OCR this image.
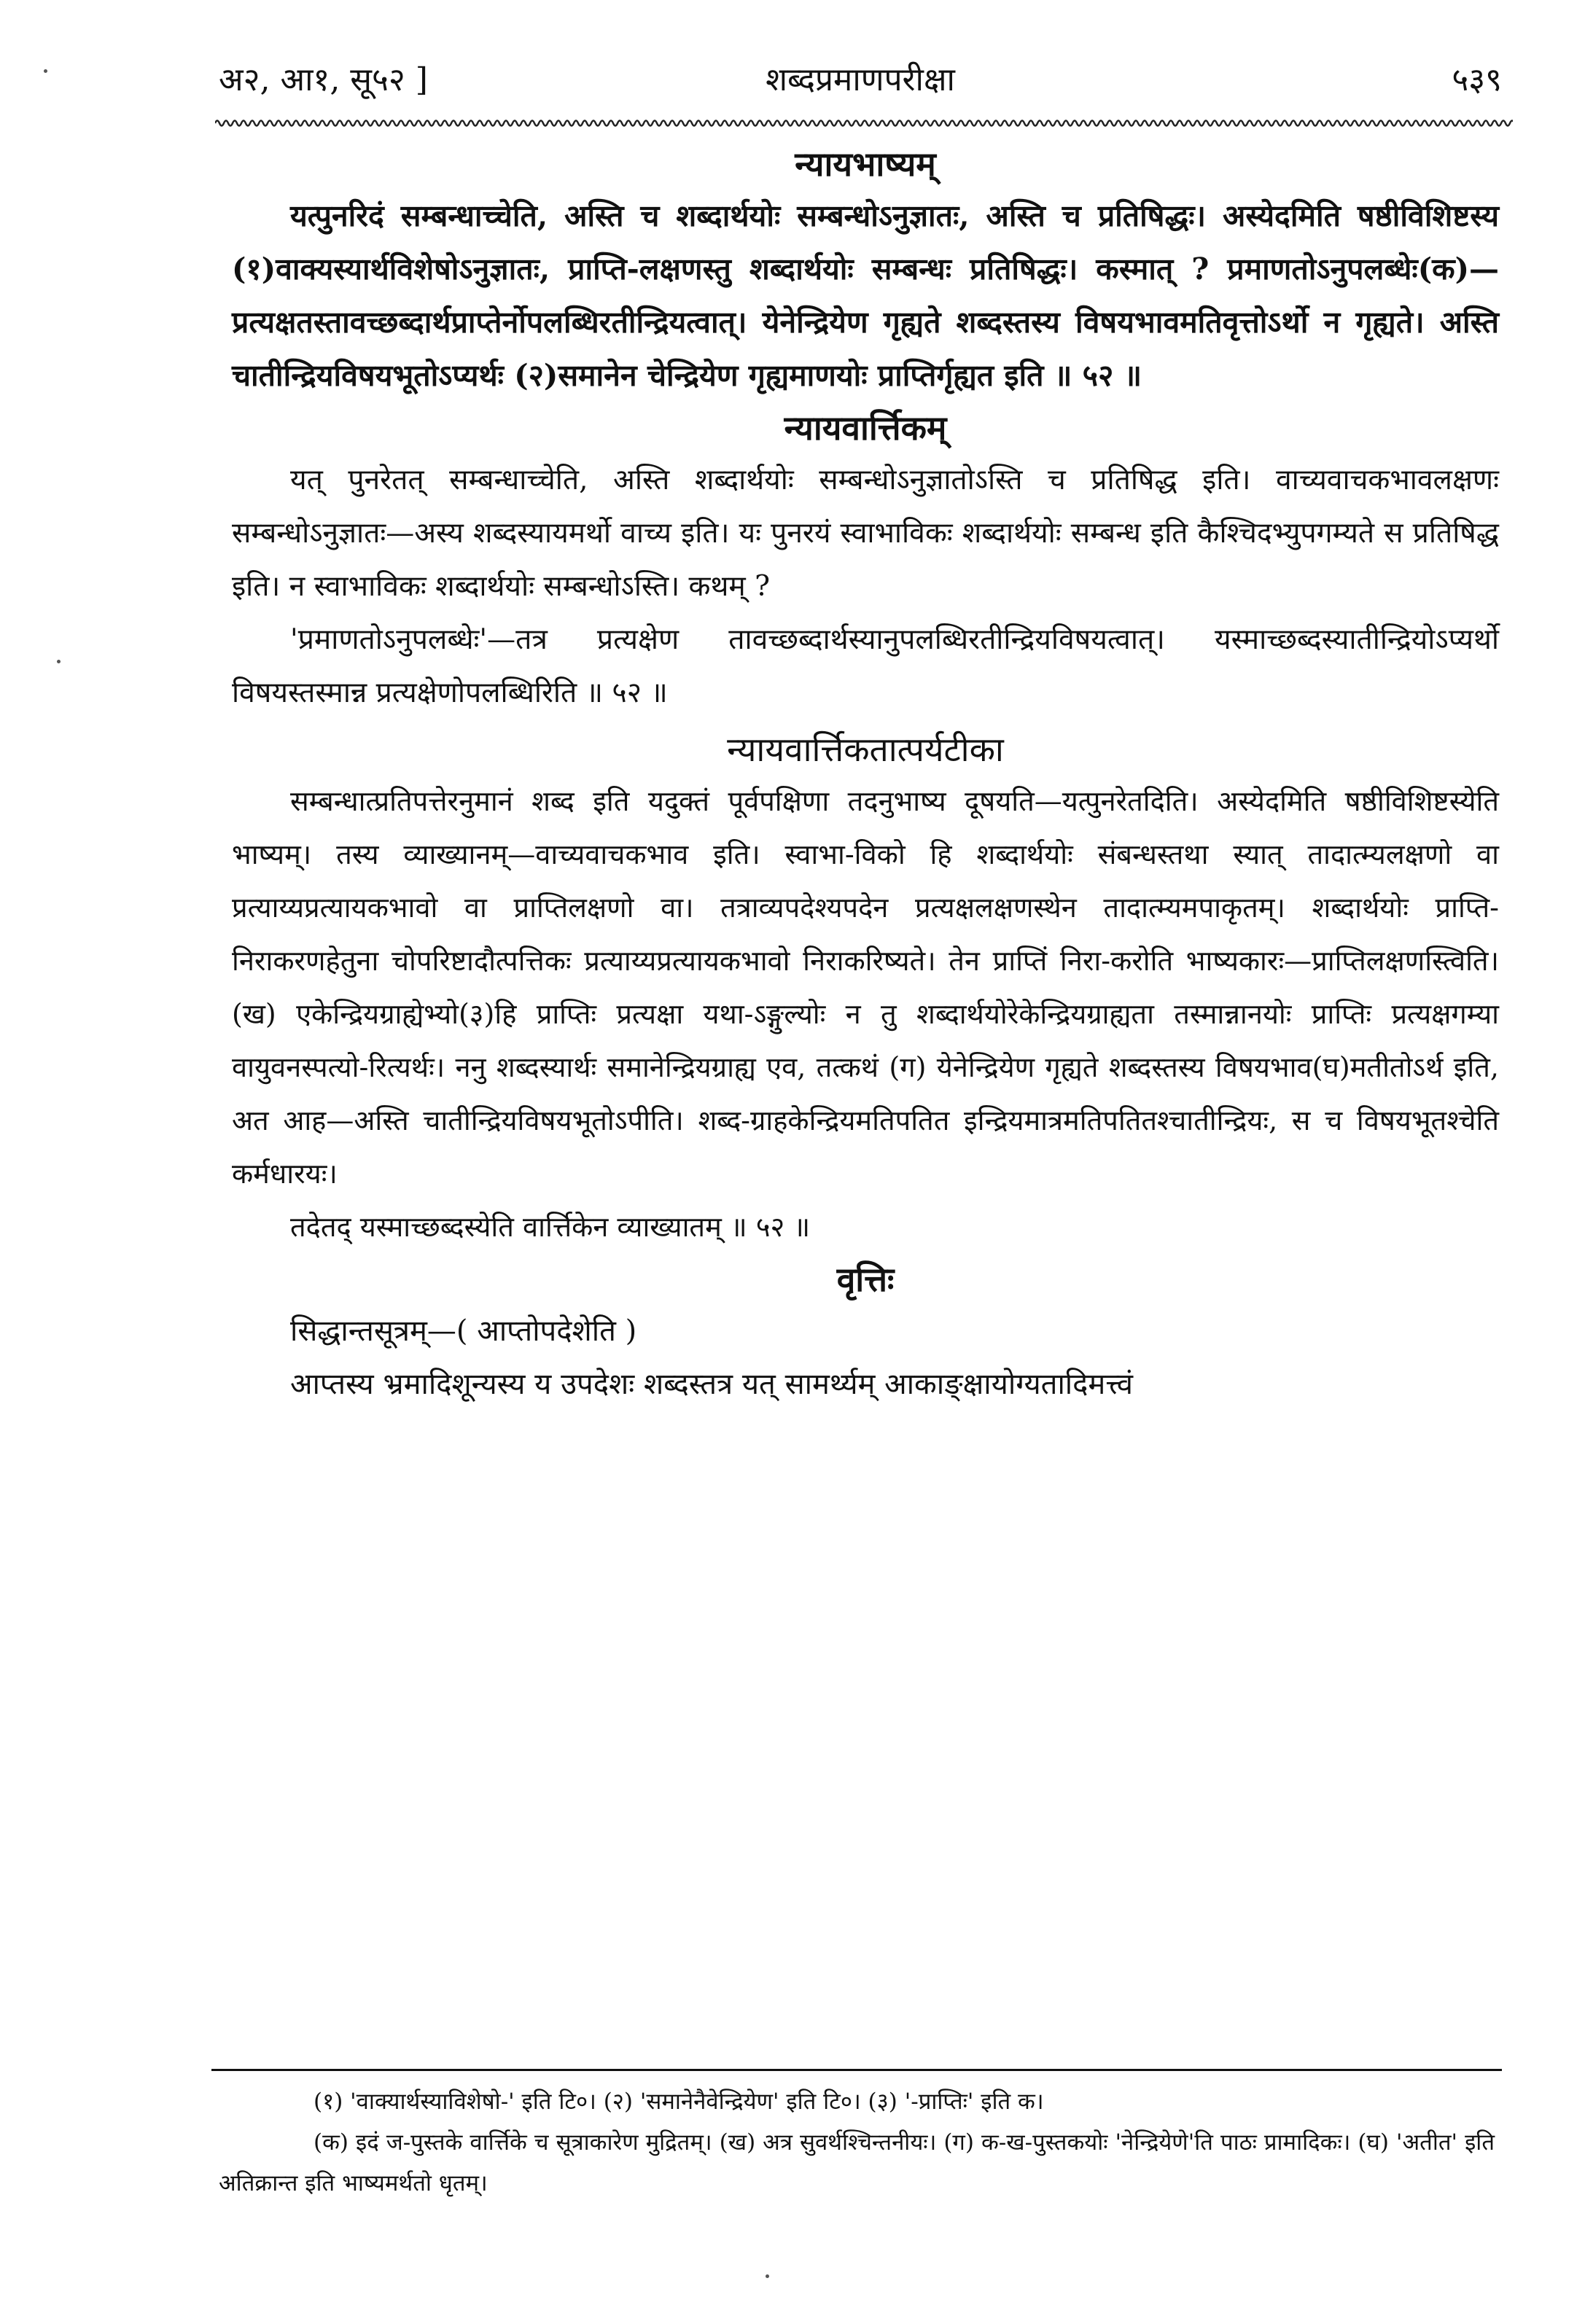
अ२, आ१, सू५२ ]	शब्दप्रमाणपरीक्षा	५३९

न्यायभाष्यम्

यत्पुनरिदं सम्बन्धाच्चेति, अस्ति च शब्दार्थयोः सम्बन्धोऽनुज्ञातः, अस्ति च प्रतिषिद्धः। अस्येदमिति षष्ठीविशिष्टस्य (१)वाक्यस्यार्थविशेषोऽनुज्ञातः, प्राप्ति-लक्षणस्तु शब्दार्थयोः सम्बन्धः प्रतिषिद्धः। कस्मात् ? प्रमाणतोऽनुपलब्धेः(क)— प्रत्यक्षतस्तावच्छब्दार्थप्राप्तेर्नोपलब्धिरतीन्द्रियत्वात्। येनेन्द्रियेण गृह्यते शब्दस्तस्य विषयभावमतिवृत्तोऽर्थो न गृह्यते। अस्ति चातीन्द्रियविषयभूतोऽप्यर्थः (२)समानेन चेन्द्रियेण गृह्यमाणयोः प्राप्तिर्गृह्यत इति ॥ ५२ ॥

न्यायवार्त्तिकम्

यत् पुनरेतत् सम्बन्धाच्चेति, अस्ति शब्दार्थयोः सम्बन्धोऽनुज्ञातोऽस्ति च प्रतिषिद्ध इति। वाच्यवाचकभावलक्षणः सम्बन्धोऽनुज्ञातः—अस्य शब्दस्यायमर्थो वाच्य इति। यः पुनरयं स्वाभाविकः शब्दार्थयोः सम्बन्ध इति कैश्चिदभ्युपगम्यते स प्रतिषिद्ध इति। न स्वाभाविकः शब्दार्थयोः सम्बन्धोऽस्ति। कथम् ?

'प्रमाणतोऽनुपलब्धेः'—तत्र प्रत्यक्षेण तावच्छब्दार्थस्यानुपलब्धिरतीन्द्रियविषयत्वात्। यस्माच्छब्दस्यातीन्द्रियोऽप्यर्थो विषयस्तस्मान्न प्रत्यक्षेणोपलब्धिरिति ॥ ५२ ॥

न्यायवार्त्तिकतात्पर्यटीका

सम्बन्धात्प्रतिपत्तेरनुमानं शब्द इति यदुक्तं पूर्वपक्षिणा तदनुभाष्य दूषयति—यत्पुनरेतदिति। अस्येदमिति षष्ठीविशिष्टस्येति भाष्यम्। तस्य व्याख्यानम्—वाच्यवाचकभाव इति। स्वाभा-विको हि शब्दार्थयोः संबन्धस्तथा स्यात् तादात्म्यलक्षणो वा प्रत्याय्यप्रत्यायकभावो वा प्राप्तिलक्षणो वा। तत्राव्यपदेश्यपदेन प्रत्यक्षलक्षणस्थेन तादात्म्यमपाकृतम्। शब्दार्थयोः प्राप्ति-निराकरणहेतुना चोपरिष्टादौत्पत्तिकः प्रत्याय्यप्रत्यायकभावो निराकरिष्यते। तेन प्राप्तिं निरा-करोति भाष्यकारः—प्राप्तिलक्षणस्त्विति। (ख) एकेन्द्रियग्राह्येभ्यो(३)हि प्राप्तिः प्रत्यक्षा यथा-ऽङ्गुल्योः न तु शब्दार्थयोरेकेन्द्रियग्राह्यता तस्मान्नानयोः प्राप्तिः प्रत्यक्षगम्या वायुवनस्पत्यो-रित्यर्थः। ननु शब्दस्यार्थः समानेन्द्रियग्राह्य एव, तत्कथं (ग) येनेन्द्रियेण गृह्यते शब्दस्तस्य विषयभाव(घ)मतीतोऽर्थ इति, अत आह—अस्ति चातीन्द्रियविषयभूतोऽपीति। शब्द-ग्राहकेन्द्रियमतिपतित इन्द्रियमात्रमतिपतितश्चातीन्द्रियः, स च विषयभूतश्चेति कर्मधारयः।

तदेतद् यस्माच्छब्दस्येति वार्त्तिकेन व्याख्यातम् ॥ ५२ ॥

वृत्तिः

सिद्धान्तसूत्रम्—( आप्तोपदेशेति )

आप्तस्य भ्रमादिशून्यस्य य उपदेशः शब्दस्तत्र यत् सामर्थ्यम् आकाङ्क्षायोग्यतादिमत्त्वं

(१) 'वाक्यार्थस्याविशेषो-' इति टि०। (२) 'समानेनैवेन्द्रियेण' इति टि०। (३) '-प्राप्तिः' इति क।

(क) इदं ज-पुस्तके वार्त्तिके च सूत्राकारेण मुद्रितम्। (ख) अत्र सुवर्थश्चिन्तनीयः। (ग) क-ख-पुस्तकयोः 'नेन्द्रियेणे'ति पाठः प्रामादिकः। (घ) 'अतीत' इति अतिक्रान्त इति भाष्यमर्थतो धृतम्।
